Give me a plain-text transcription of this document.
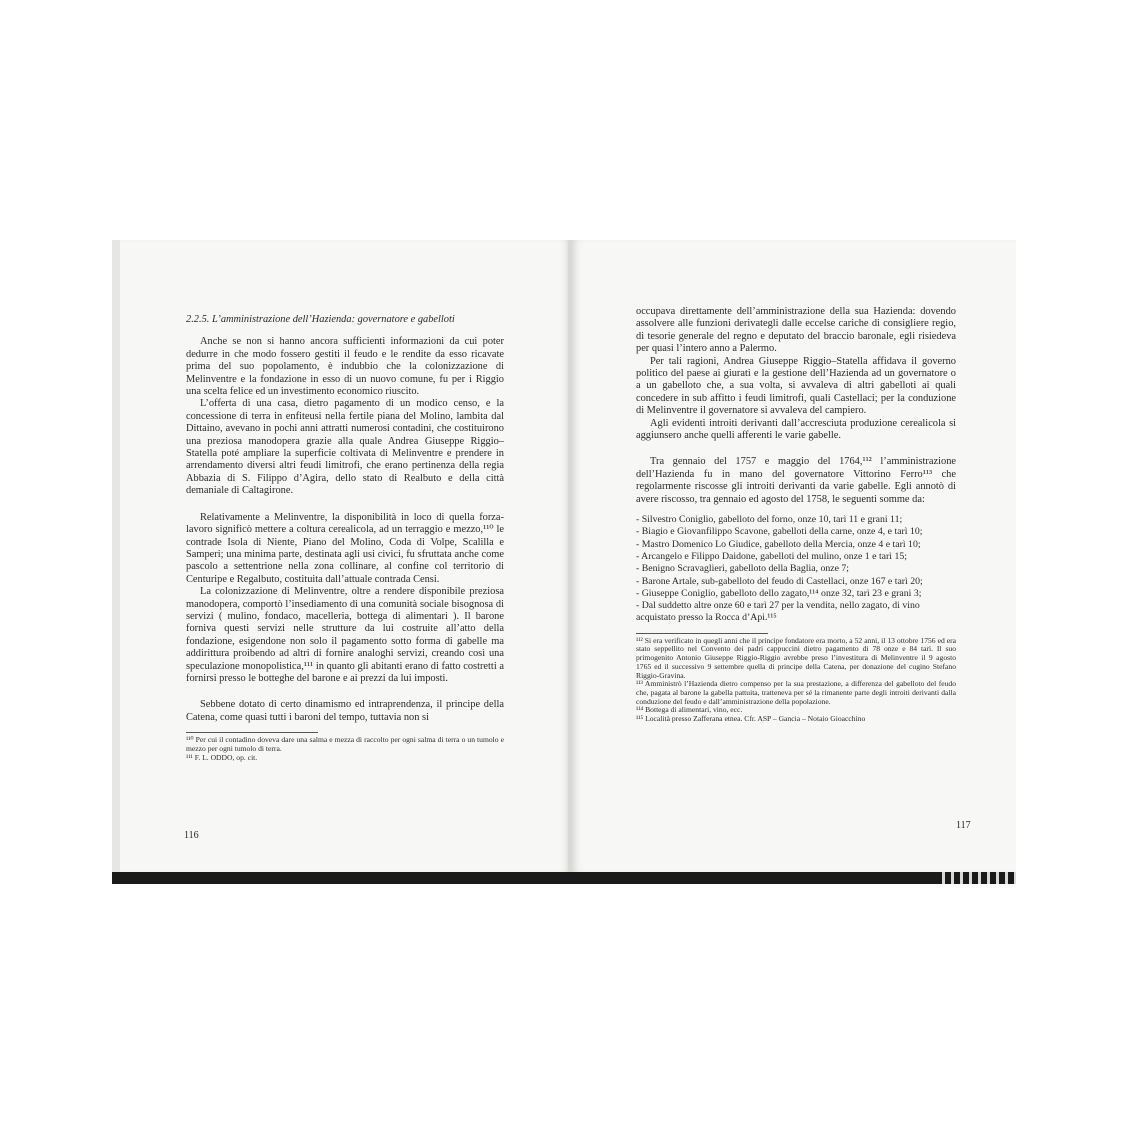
2.2.5. L’amministrazione dell’Hazienda: governatore e gabelloti

Anche se non si hanno ancora sufficienti informazioni da cui poter dedurre in che modo fossero gestiti il feudo e le rendite da esso ricavate prima del suo popolamento, è indubbio che la colonizzazione di Melinventre e la fondazione in esso di un nuovo comune, fu per i Riggio una scelta felice ed un investimento economico riuscito.

L’offerta di una casa, dietro pagamento di un modico censo, e la concessione di terra in enfiteusi nella fertile piana del Molino, lambita dal Dittaino, avevano in pochi anni attratti numerosi contadini, che costituirono una preziosa manodopera grazie alla quale Andrea Giuseppe Riggio–Statella poté ampliare la superficie coltivata di Melinventre e prendere in arrendamento diversi altri feudi limitrofi, che erano pertinenza della regia Abbazia di S. Filippo d’Agira, dello stato di Realbuto e della città demaniale di Caltagirone.

Relativamente a Melinventre, la disponibilità in loco di quella forza-lavoro significò mettere a coltura cerealicola, ad un terraggio e mezzo,¹¹⁰ le contrade Isola di Niente, Piano del Molino, Coda di Volpe, Scalilla e Samperi; una minima parte, destinata agli usi civici, fu sfruttata anche come pascolo a settentrione nella zona collinare, al confine col territorio di Centuripe e Regalbuto, costituita dall’attuale contrada Censi.

La colonizzazione di Melinventre, oltre a rendere disponibile preziosa manodopera, comportò l’insediamento di una comunità sociale bisognosa di servizi ( mulino, fondaco, macelleria, bottega di alimentari ). Il barone forniva questi servizi nelle strutture da lui costruite all’atto della fondazione, esigendone non solo il pagamento sotto forma di gabelle ma addirittura proibendo ad altri di fornire analoghi servizi, creando così una speculazione monopolistica,¹¹¹ in quanto gli abitanti erano di fatto costretti a fornirsi presso le botteghe del barone e ai prezzi da lui imposti.

Sebbene dotato di certo dinamismo ed intraprendenza, il principe della Catena, come quasi tutti i baroni del tempo, tuttavia non si

¹¹⁰ Per cui il contadino doveva dare una salma e mezza di raccolto per ogni salma di terra o un tumolo e mezzo per ogni tumolo di terra.

¹¹¹ F. L. ODDO, op. cit.

116

occupava direttamente dell’amministrazione della sua Hazienda: dovendo assolvere alle funzioni derivategli dalle eccelse cariche di consigliere regio, di tesorie generale del regno e deputato del braccio baronale, egli risiedeva per quasi l’intero anno a Palermo.

Per tali ragioni, Andrea Giuseppe Riggio–Statella affidava il governo politico del paese ai giurati e la gestione dell’Hazienda ad un governatore o a un gabelloto che, a sua volta, si avvaleva di altri gabelloti ai quali concedere in sub affitto i feudi limitrofi, quali Castellaci; per la conduzione di Melinventre il governatore si avvaleva del campiero.

Agli evidenti introiti derivanti dall’accresciuta produzione cerealicola si aggiunsero anche quelli afferenti le varie gabelle.

Tra gennaio del 1757 e maggio del 1764,¹¹² l’amministrazione dell’Hazienda fu in mano del governatore Vittorino Ferro¹¹³ che regolarmente riscosse gli introiti derivanti da varie gabelle. Egli annotò di avere riscosso, tra gennaio ed agosto del 1758, le seguenti somme da:

- Silvestro Coniglio, gabelloto del forno, onze 10, tarì 11 e grani 11;

- Biagio e Giovanfilippo Scavone, gabelloti della carne, onze 4, e tarì 10;

- Mastro Domenico Lo Giudice, gabelloto della Mercia, onze 4 e tarì 10;

- Arcangelo e Filippo Daidone, gabelloti del mulino, onze 1 e tarì 15;

- Benigno Scravaglieri, gabelloto della Baglia, onze 7;

- Barone Artale, sub-gabelloto del feudo di Castellaci, onze 167 e tarì 20;

- Giuseppe Coniglio, gabelloto dello zagato,¹¹⁴ onze 32, tarì 23 e grani 3;

- Dal suddetto altre onze 60 e tarì 27 per la vendita, nello zagato, di vino acquistato presso la Rocca d’Api.¹¹⁵

¹¹² Si era verificato in quegli anni che il principe fondatore era morto, a 52 anni, il 13 ottobre 1756 ed era stato seppellito nel Convento dei padri cappuccini dietro pagamento di 78 onze e 84 tarì. Il suo primogenito Antonio Giuseppe Riggio-Riggio avrebbe preso l’investitura di Melinventre il 9 agosto 1765 ed il successivo 9 settembre quella di principe della Catena, per donazione del cugino Stefano Riggio-Gravina.

¹¹³ Amministrò l’Hazienda dietro compenso per la sua prestazione, a differenza del gabelloto del feudo che, pagata al barone la gabella pattuita, tratteneva per sé la rimanente parte degli introiti derivanti dalla conduzione del feudo e dall’amministrazione della popolazione.

¹¹⁴ Bottega di alimentari, vino, ecc.

¹¹⁵ Località presso Zafferana etnea. Cfr. ASP – Gancia – Notaio Gioacchino

117
